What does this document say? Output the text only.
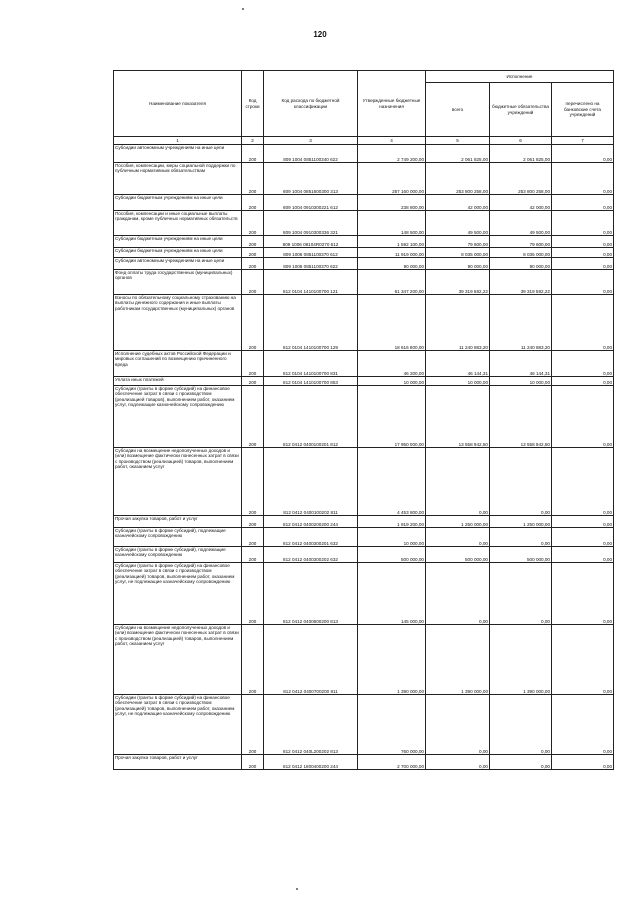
120
Наименование показателя	Код строки	Код расхода по бюджетной классификации	Утвержденные бюджетные назначения	Исполнение		
				всего	бюджетные обязательства учреждений	перечислено на банковские счета учреждений
1	2	3	4	5	6	7
Субсидии автономным учреждениям на иные цели	200	809 1004 0851100340 622	2 749 200,00	2 061 825,00	2 061 825,00	0,00
Пособия, компенсации, меры социальной поддержки по публичным нормативным обязательствам	200	809 1004 0851600300 313	257 160 000,00	253 800 258,00	253 800 258,00	0,00
Субсидии бюджетным учреждениям на иные цели	200	809 1004 0910300221 612	238 800,00	42 000,00	42 000,00	0,00
Пособия, компенсации и иные социальные выплаты гражданам, кроме публичных нормативных обязательств	200	809 1004 0910300336 321	148 500,00	49 500,00	49 500,00	0,00
Субсидии бюджетным учреждениям на иные цели	200	809 1006 08104R0270 612	1 592 100,00	79 600,00	79 600,00	0,00
Субсидии бюджетным учреждениям на иные цели	200	809 1006 0851100370 612	11 919 000,00	8 035 000,00	8 035 000,00	0,00
Субсидии автономным учреждениям на иные цели	200	809 1006 0851100370 622	90 000,00	90 000,00	90 000,00	0,00
Фонд оплаты труда государственных (муниципальных) органов	200	812 0104 1410100700 121	61 347 200,00	39 319 582,22	39 319 582,22	0,00
Взносы по обязательному социальному страхованию на выплаты денежного содержания и иные выплаты работникам государственных (муниципальных) органов	200	812 0104 1410100700 129	18 616 800,00	11 240 883,20	11 240 883,20	0,00
Исполнение судебных актов Российской Федерации и мировых соглашений по возмещению причиненного вреда	200	812 0104 1410100700 831	46 200,00	46 144,31	46 144,31	0,00
Уплата иных платежей	200	812 0104 1410100700 853	10 000,00	10 000,00	10 000,00	0,00
Субсидии (гранты в форме субсидий) на финансовое обеспечение затрат в связи с производством (реализацией товаров), выполнением работ, оказанием услуг, подлежащие казначейскому сопровождению	200	812 0412 0400100201 812	17 950 000,00	13 558 942,50	13 558 942,50	0,00
Субсидии на возмещение недополученных доходов и (или) возмещение фактически понесенных затрат в связи с производством (реализацией) товаров, выполнением работ, оказанием услуг	200	812 0412 0400100202 811	4 453 800,00	0,00	0,00	0,00
Прочая закупка товаров, работ и услуг	200	812 0412 0400200200 244	1 919 200,00	1 250 000,00	1 250 000,00	0,00
Субсидии (гранты в форме субсидий), подлежащие казначейскому сопровождению	200	812 0412 0400300201 632	10 000,00	0,00	0,00	0,00
Субсидии (гранты в форме субсидий), подлежащие казначейскому сопровождению	200	812 0412 0400300202 632	500 000,00	500 000,00	500 000,00	0,00
Субсидии (гранты в форме субсидий) на финансовое обеспечение затрат в связи с производством (реализацией) товаров, выполнением работ, оказанием услуг, не подлежащие казначейскому сопровождению	200	812 0412 0400600200 813	145 000,00	0,00	0,00	0,00
Субсидии на возмещение недополученных доходов и (или) возмещение фактически понесенных затрат в связи с производством (реализацией) товаров, выполнением работ, оказанием услуг	200	812 0412 0400700200 811	1 390 000,00	1 390 000,00	1 390 000,00	0,00
Субсидии (гранты в форме субсидий) на финансовое обеспечение затрат в связи с производством (реализацией) товаров, выполнением работ, оказанием услуг, не подлежащие казначейскому сопровождению	200	812 0412 040L200202 813	760 000,00	0,00	0,00	0,00
Прочая закупка товаров, работ и услуг	200	812 0412 1800400200 244	2 700 000,00	0,00	0,00	0,00
